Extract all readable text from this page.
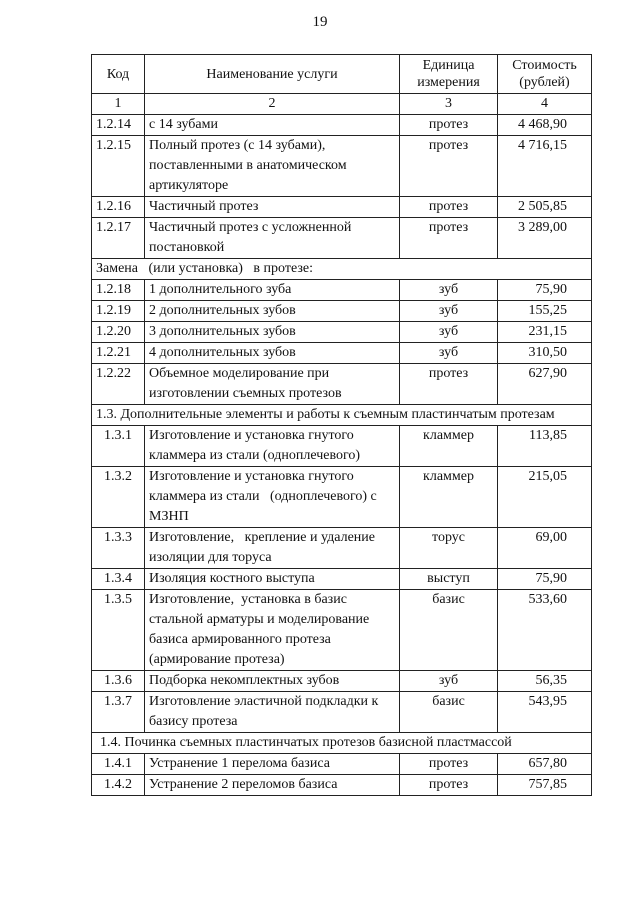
19
Код	Наименование услуги	Единица измерения	Стоимость (рублей)
1	2	3	4
1.2.14	с 14 зубами	протез	4 468,90
1.2.15	Полный протез (с 14 зубами), поставленными в анатомическом артикуляторе	протез	4 716,15
1.2.16	Частичный протез	протез	2 505,85
1.2.17	Частичный протез с усложненной постановкой	протез	3 289,00
Замена   (или установка)   в протезе:			
1.2.18	1 дополнительного зуба	зуб	75,90
1.2.19	2 дополнительных зубов	зуб	155,25
1.2.20	3 дополнительных зубов	зуб	231,15
1.2.21	4 дополнительных зубов	зуб	310,50
1.2.22	Объемное моделирование при изготовлении съемных протезов	протез	627,90
1.3. Дополнительные элементы и работы к съемным пластинчатым протезам			
1.3.1	Изготовление и установка гнутого кламмера из стали (одноплечевого)	кламмер	113,85
1.3.2	Изготовление и установка гнутого кламмера из стали   (одноплечевого) с МЗНП	кламмер	215,05
1.3.3	Изготовление,   крепление и удаление изоляции для торуса	торус	69,00
1.3.4	Изоляция костного выступа	выступ	75,90
1.3.5	Изготовление,  установка в базис стальной арматуры и моделирование базиса армированного протеза (армирование протеза)	базис	533,60
1.3.6	Подборка некомплектных зубов	зуб	56,35
1.3.7	Изготовление эластичной подкладки к базису протеза	базис	543,95
1.4. Починка съемных пластинчатых протезов базисной пластмассой			
1.4.1	Устранение 1 перелома базиса	протез	657,80
1.4.2	Устранение 2 переломов базиса	протез	757,85
